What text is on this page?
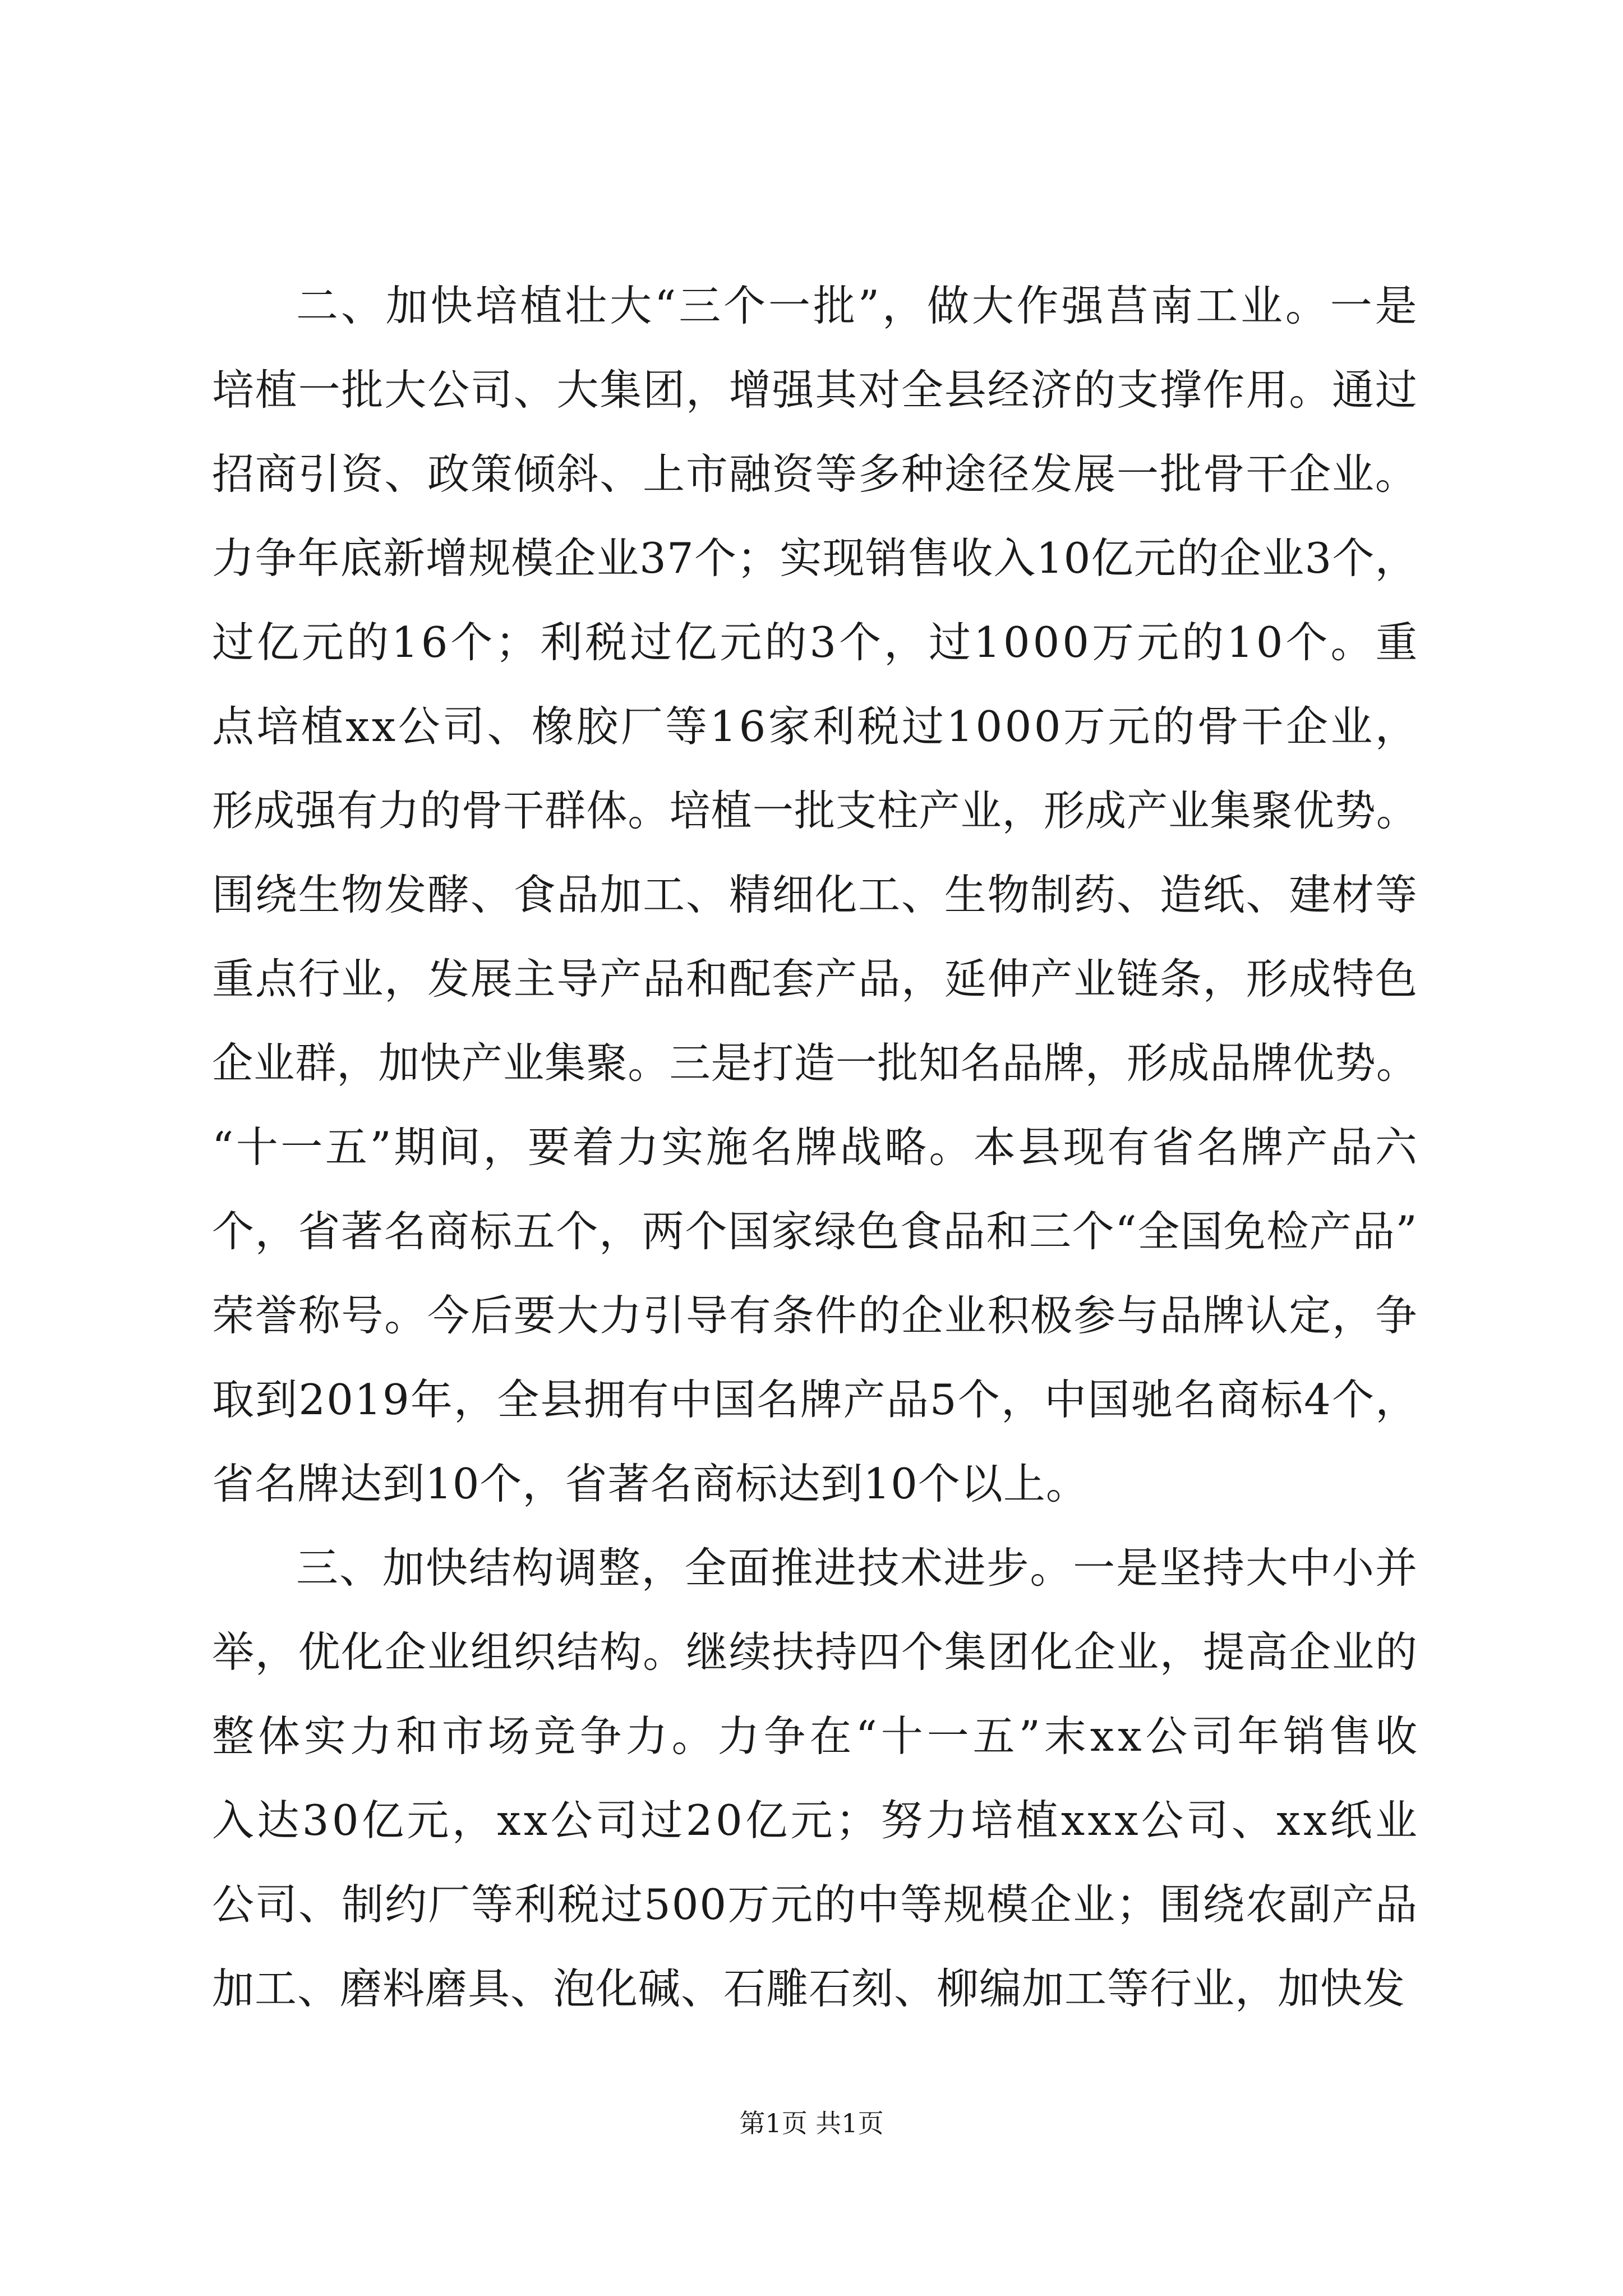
二、加快培植壮大“三个一批”，做大作强莒南工业。一是
培植一批大公司、大集团，增强其对全县经济的支撑作用。通过
招商引资、政策倾斜、上市融资等多种途径发展一批骨干企业。
力争年底新增规模企业37个；实现销售收入10亿元的企业3个，
过亿元的16个；利税过亿元的3个，过1000万元的10个。重
点培植xx公司、橡胶厂等16家利税过1000万元的骨干企业，
形成强有力的骨干群体。培植一批支柱产业，形成产业集聚优势。
围绕生物发酵、食品加工、精细化工、生物制药、造纸、建材等
重点行业，发展主导产品和配套产品，延伸产业链条，形成特色
企业群，加快产业集聚。三是打造一批知名品牌，形成品牌优势。
“十一五”期间，要着力实施名牌战略。本县现有省名牌产品六
个，省著名商标五个，两个国家绿色食品和三个“全国免检产品”
荣誉称号。今后要大力引导有条件的企业积极参与品牌认定，争
取到2019年，全县拥有中国名牌产品5个，中国驰名商标4个，
省名牌达到10个，省著名商标达到10个以上。
三、加快结构调整，全面推进技术进步。一是坚持大中小并
举，优化企业组织结构。继续扶持四个集团化企业，提高企业的
整体实力和市场竞争力。力争在“十一五”末xx公司年销售收
入达30亿元，xx公司过20亿元；努力培植xxx公司、xx纸业
公司、制约厂等利税过500万元的中等规模企业；围绕农副产品
加工、磨料磨具、泡化碱、石雕石刻、柳编加工等行业，加快发
第1页 共1页
